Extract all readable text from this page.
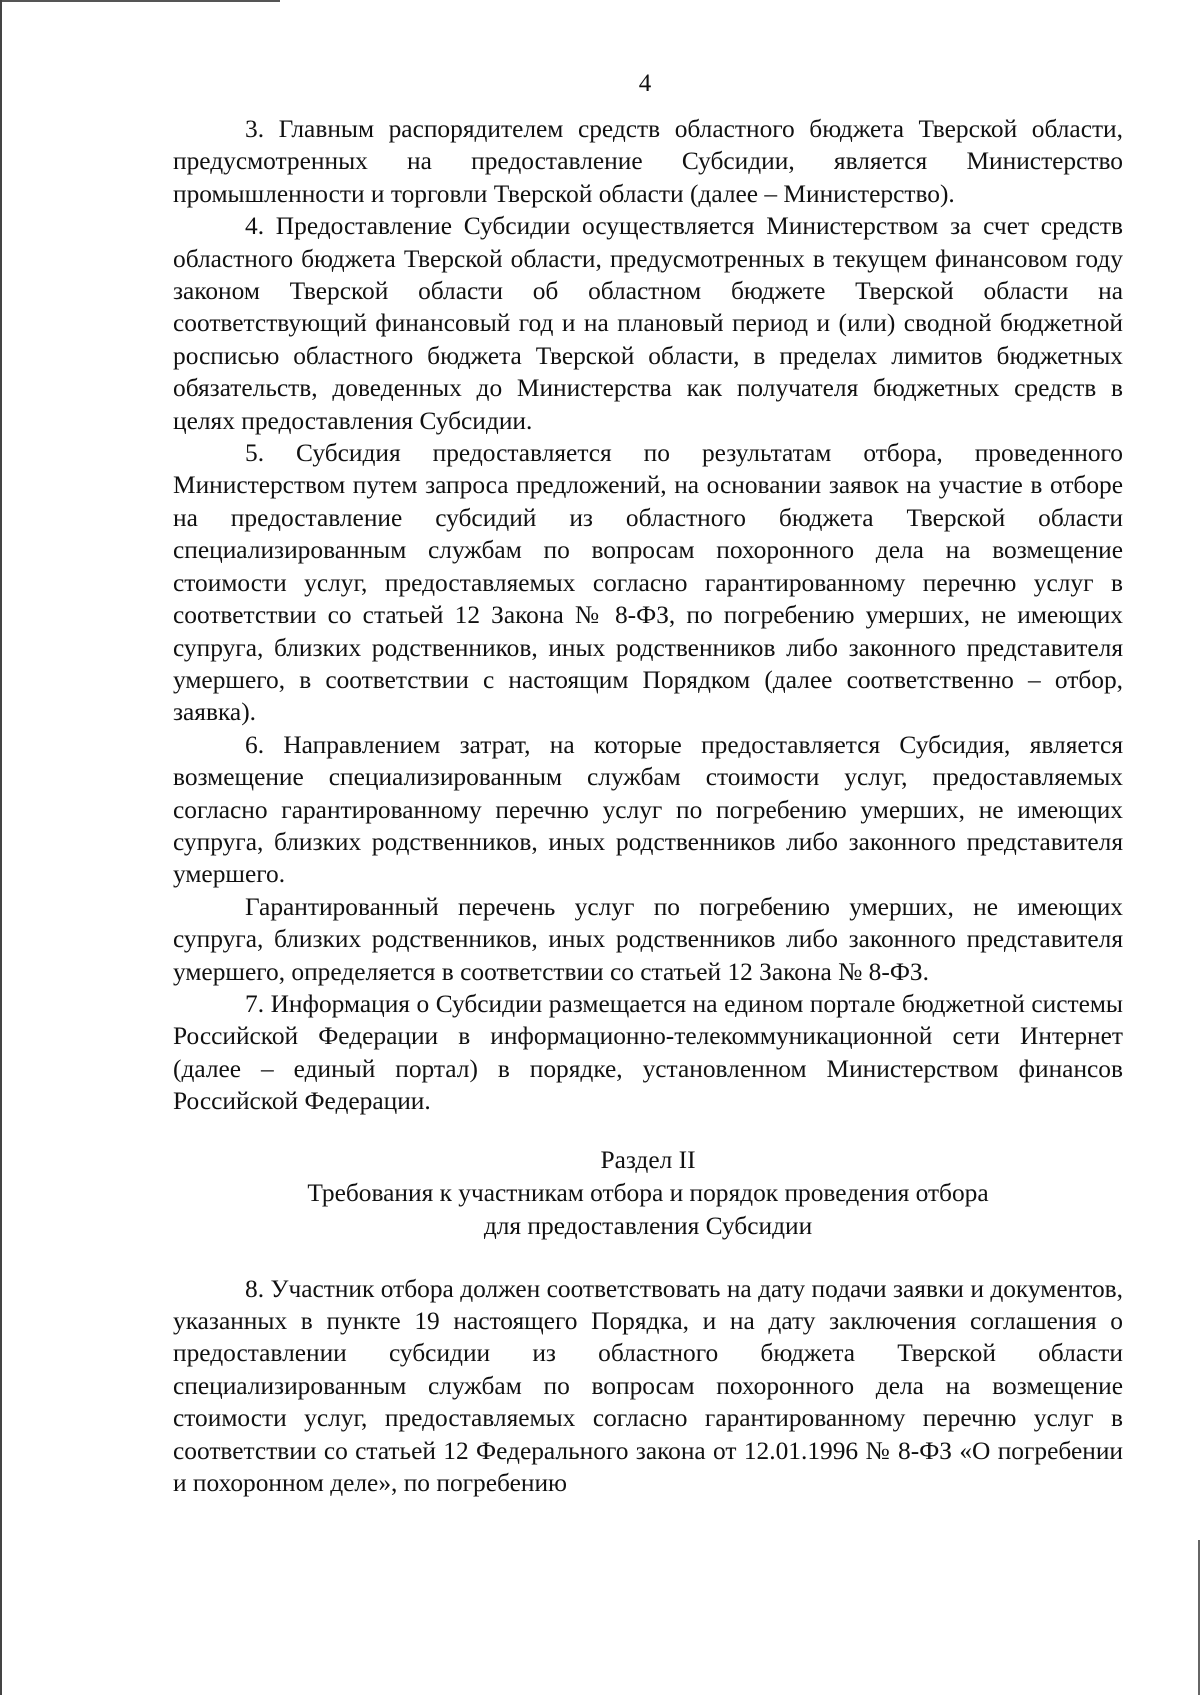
4

3. Главным распорядителем средств областного бюджета Тверской области, предусмотренных на предоставление Субсидии, является Министерство промышленности и торговли Тверской области (далее – Министерство).

4. Предоставление Субсидии осуществляется Министерством за счет средств областного бюджета Тверской области, предусмотренных в текущем финансовом году законом Тверской области об областном бюджете Тверской области на соответствующий финансовый год и на плановый период и (или) сводной бюджетной росписью областного бюджета Тверской области, в пределах лимитов бюджетных обязательств, доведенных до Министерства как получателя бюджетных средств в целях предоставления Субсидии.

5. Субсидия предоставляется по результатам отбора, проведенного Министерством путем запроса предложений, на основании заявок на участие в отборе на предоставление субсидий из областного бюджета Тверской области специализированным службам по вопросам похоронного дела на возмещение стоимости услуг, предоставляемых согласно гарантированному перечню услуг в соответствии со статьей 12 Закона № 8-ФЗ, по погребению умерших, не имеющих супруга, близких родственников, иных родственников либо законного представителя умершего, в соответствии с настоящим Порядком (далее соответственно – отбор, заявка).

6. Направлением затрат, на которые предоставляется Субсидия, является возмещение специализированным службам стоимости услуг, предоставляемых согласно гарантированному перечню услуг по погребению умерших, не имеющих супруга, близких родственников, иных родственников либо законного представителя умершего.

Гарантированный перечень услуг по погребению умерших, не имеющих супруга, близких родственников, иных родственников либо законного представителя умершего, определяется в соответствии со статьей 12 Закона № 8-ФЗ.

7. Информация о Субсидии размещается на едином портале бюджетной системы Российской Федерации в информационно-телекоммуникационной сети Интернет (далее – единый портал) в порядке, установленном Министерством финансов Российской Федерации.

Раздел II
Требования к участникам отбора и порядок проведения отбора
для предоставления Субсидии

8. Участник отбора должен соответствовать на дату подачи заявки и документов, указанных в пункте 19 настоящего Порядка, и на дату заключения соглашения о предоставлении субсидии из областного бюджета Тверской области специализированным службам по вопросам похоронного дела на возмещение стоимости услуг, предоставляемых согласно гарантированному перечню услуг в соответствии со статьей 12 Федерального закона от 12.01.1996 № 8-ФЗ «О погребении и похоронном деле», по погребению
